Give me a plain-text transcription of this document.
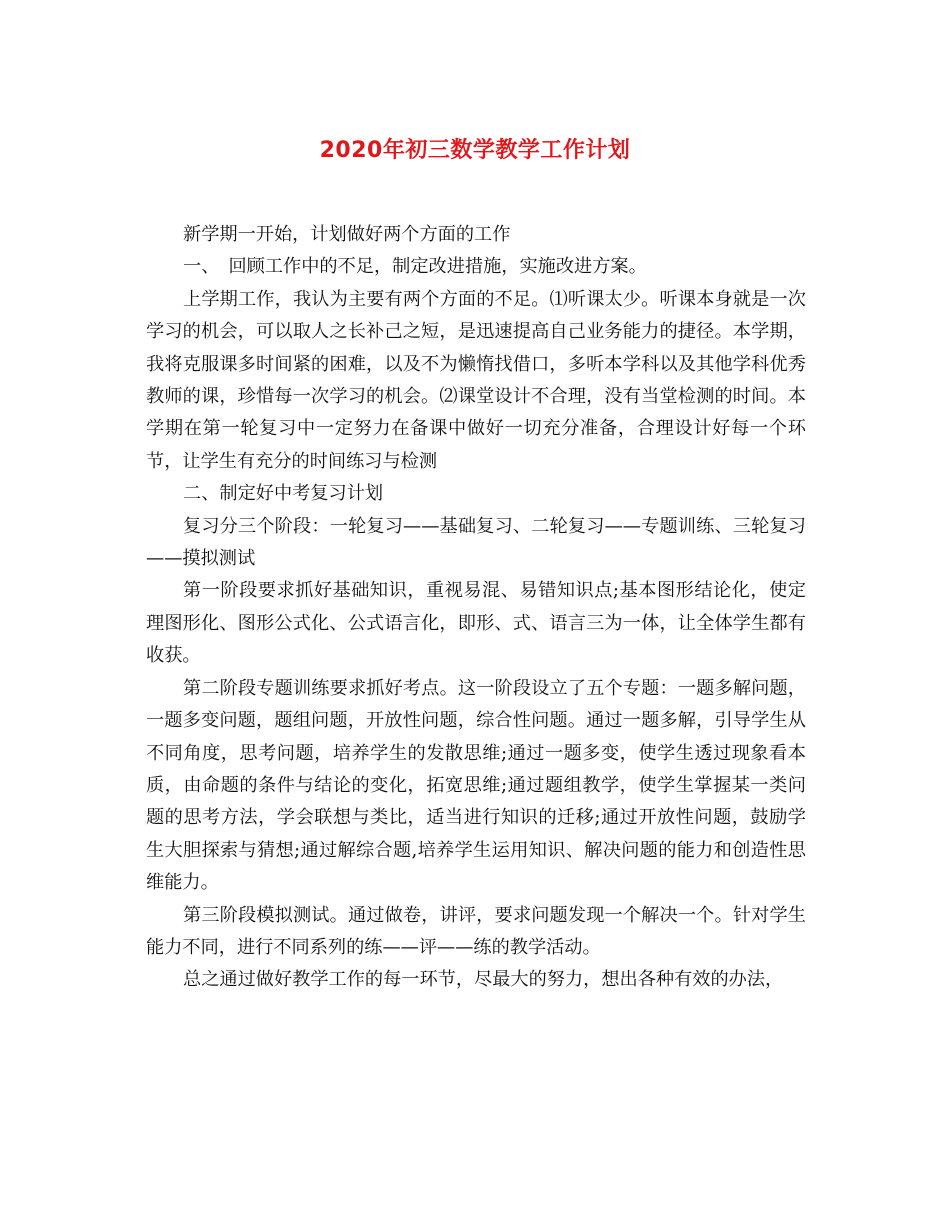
2020年初三数学教学工作计划

新学期一开始，计划做好两个方面的工作

一、　回顾工作中的不足，制定改进措施，实施改进方案。

上学期工作，我认为主要有两个方面的不足。⑴听课太少。听课本身就是一次学习的机会，可以取人之长补己之短，是迅速提高自己业务能力的捷径。本学期，我将克服课多时间紧的困难，以及不为懒惰找借口，多听本学科以及其他学科优秀教师的课，珍惜每一次学习的机会。⑵课堂设计不合理，没有当堂检测的时间。本学期在第一轮复习中一定努力在备课中做好一切充分准备，合理设计好每一个环节，让学生有充分的时间练习与检测

二、制定好中考复习计划

复习分三个阶段：一轮复习——基础复习、二轮复习——专题训练、三轮复习——摸拟测试

第一阶段要求抓好基础知识，重视易混、易错知识点;基本图形结论化，使定理图形化、图形公式化、公式语言化，即形、式、语言三为一体，让全体学生都有收获。

第二阶段专题训练要求抓好考点。这一阶段设立了五个专题：一题多解问题，一题多变问题，题组问题，开放性问题，综合性问题。通过一题多解，引导学生从不同角度，思考问题，培养学生的发散思维;通过一题多变，使学生透过现象看本质，由命题的条件与结论的变化，拓宽思维;通过题组教学，使学生掌握某一类问题的思考方法，学会联想与类比，适当进行知识的迁移;通过开放性问题，鼓励学生大胆探索与猜想;通过解综合题,培养学生运用知识、解决问题的能力和创造性思维能力。

第三阶段模拟测试。通过做卷，讲评，要求问题发现一个解决一个。针对学生能力不同，进行不同系列的练——评——练的教学活动。

总之通过做好教学工作的每一环节，尽最大的努力，想出各种有效的办法，
